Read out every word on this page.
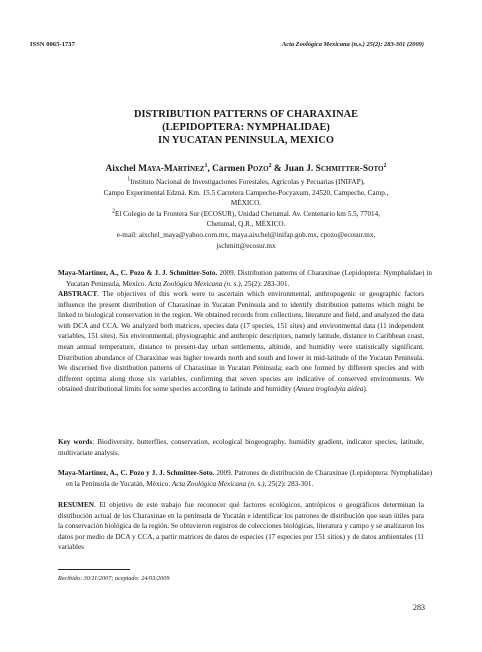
ISSN 0065-1737	Acta Zoológica Mexicana (n.s.) 25(2): 283-301 (2009)
DISTRIBUTION PATTERNS OF CHARAXINAE
(LEPIDOPTERA: NYMPHALIDAE)
IN YUCATAN PENINSULA, MEXICO
Aixchel Maya-Martínez$^1$, Carmen Pozo$^2$ & Juan J. Schmitter-Soto$^2$
$^1$Instituto Nacional de Investigaciones Forestales, Agrícolas y Pecuarias (INIFAP),
Campo Experimental Edzná. Km. 15.5 Carretera Campeche-Pocyaxum, 24520, Campeche, Camp.,
MÉXICO.
$^2$El Colegio de la Frontera Sur (ECOSUR), Unidad Chetumal. Av. Centenario km 5.5, 77014,
Chetumal, Q.R., MÉXICO.
e-mail: aixchel_maya@yahoo.com.mx, maya.aixchel@inifap.gob.mx, cpozo@ecosur.mx,
jschmitt@ecosur.mx
Maya-Martínez, A., C. Pozo & J. J. Schmitter-Soto. 2009. Distribution patterns of Charaxinae (Lepidoptera: Nymphalidae) in Yucatan Peninsula, Mexico. Acta Zoológica Mexicana (n. s.), 25(2): 283-301.
ABSTRACT. The objectives of this work were to ascertain which environmental, anthropogenic or geographic factors influence the present distribution of Charaxinae in Yucatan Peninsula and to identify distribution patterns which might be linked to biological conservation in the region. We obtained records from collections, literature and field, and analyzed the data with DCA and CCA. We analyzed both matrices, species data (17 species, 151 sites) and environmental data (11 independent variables, 151 sites). Six environmental, physiographic and anthropic descriptors, namely latitude, distance to Caribbean coast, mean annual temperature, distance to present-day urban settlements, altitude, and humidity were statistically significant. Distribution abundance of Charaxinae was higher towards north and south and lower in mid-latitude of the Yucatan Peninsula. We discerned five distribution patterns of Charaxinae in Yucatan Peninsula; each one formed by different species and with different optima along those six variables, confirming that seven species are indicative of conserved environments. We obtained distributional limits for some species according to latitude and humidity (Anaea troglodyta aidea).
Key words: Biodiversity, butterflies, conservation, ecological biogeography, humidity gradient, indicator species, latitude, multivariate analysis.
Maya-Martínez, A., C. Pozo y J. J. Schmitter-Soto. 2009. Patrones de distribución de Charaxinae (Lepidoptera: Nymphalidae) en la Península de Yucatán, México. Acta Zoológica Mexicana (n. s.), 25(2): 283-301.
RESUMEN. El objetivo de este trabajo fue reconocer qué factores ecológicos, antrópicos o geográficos determinan la distribución actual de los Charaxinae en la península de Yucatán e identificar los patrones de distribución que sean útiles para la conservación biológica de la región. Se obtuvieron registros de colecciones biológicas, literatura y campo y se analizaron los datos por medio de DCA y CCA, a partir matrices de datos de especies (17 especies por 151 sitios) y de datos ambientales (11 variables
Recibido: 30/11/2007; aceptado: 24/03/2009
283
